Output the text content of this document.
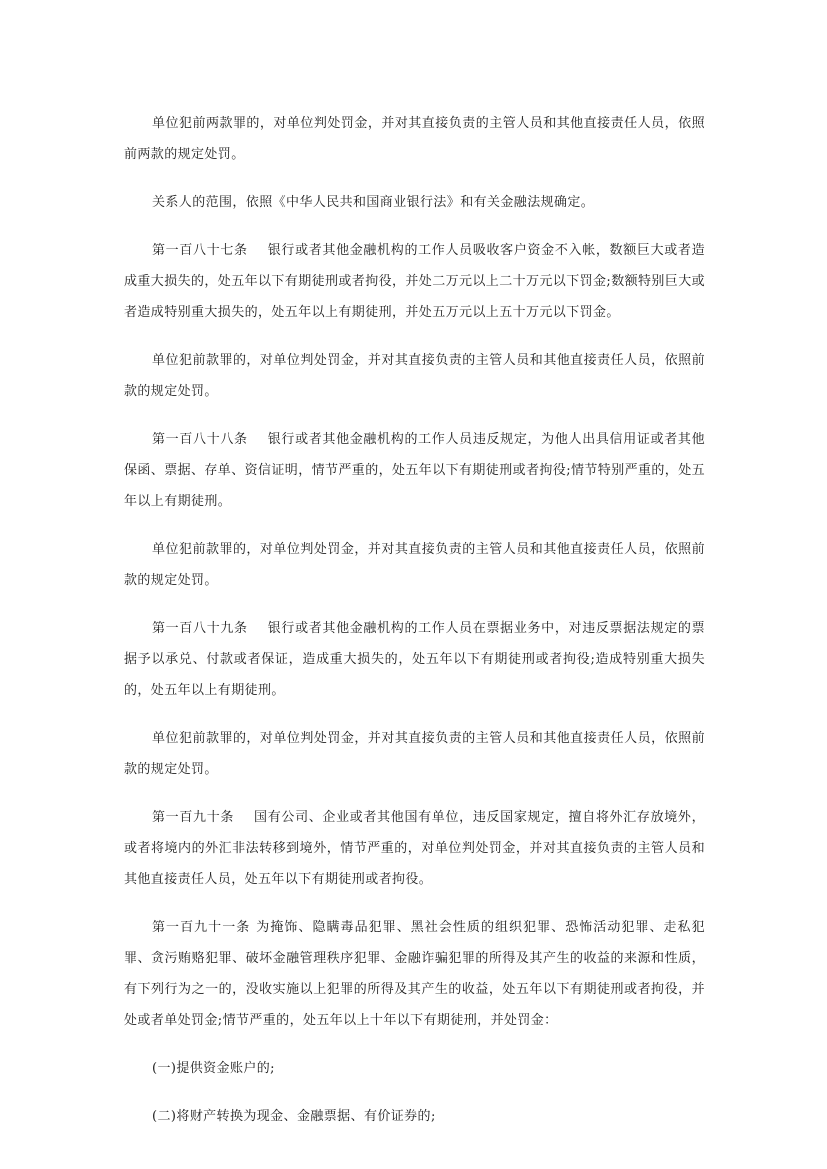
单位犯前两款罪的，对单位判处罚金，并对其直接负责的主管人员和其他直接责任人员，依照前两款的规定处罚。

关系人的范围，依照《中华人民共和国商业银行法》和有关金融法规确定。

第一百八十七条 银行或者其他金融机构的工作人员吸收客户资金不入帐，数额巨大或者造成重大损失的，处五年以下有期徒刑或者拘役，并处二万元以上二十万元以下罚金;数额特别巨大或者造成特别重大损失的，处五年以上有期徒刑，并处五万元以上五十万元以下罚金。

单位犯前款罪的，对单位判处罚金，并对其直接负责的主管人员和其他直接责任人员，依照前款的规定处罚。

第一百八十八条 银行或者其他金融机构的工作人员违反规定，为他人出具信用证或者其他保函、票据、存单、资信证明，情节严重的，处五年以下有期徒刑或者拘役;情节特别严重的，处五年以上有期徒刑。

单位犯前款罪的，对单位判处罚金，并对其直接负责的主管人员和其他直接责任人员，依照前款的规定处罚。

第一百八十九条 银行或者其他金融机构的工作人员在票据业务中，对违反票据法规定的票据予以承兑、付款或者保证，造成重大损失的，处五年以下有期徒刑或者拘役;造成特别重大损失的，处五年以上有期徒刑。

单位犯前款罪的，对单位判处罚金，并对其直接负责的主管人员和其他直接责任人员，依照前款的规定处罚。

第一百九十条 国有公司、企业或者其他国有单位，违反国家规定，擅自将外汇存放境外，或者将境内的外汇非法转移到境外，情节严重的，对单位判处罚金，并对其直接负责的主管人员和其他直接责任人员，处五年以下有期徒刑或者拘役。

第一百九十一条 为掩饰、隐瞒毒品犯罪、黑社会性质的组织犯罪、恐怖活动犯罪、走私犯罪、贪污贿赂犯罪、破坏金融管理秩序犯罪、金融诈骗犯罪的所得及其产生的收益的来源和性质，有下列行为之一的，没收实施以上犯罪的所得及其产生的收益，处五年以下有期徒刑或者拘役，并处或者单处罚金;情节严重的，处五年以上十年以下有期徒刑，并处罚金：

(一)提供资金账户的;

(二)将财产转换为现金、金融票据、有价证券的;
